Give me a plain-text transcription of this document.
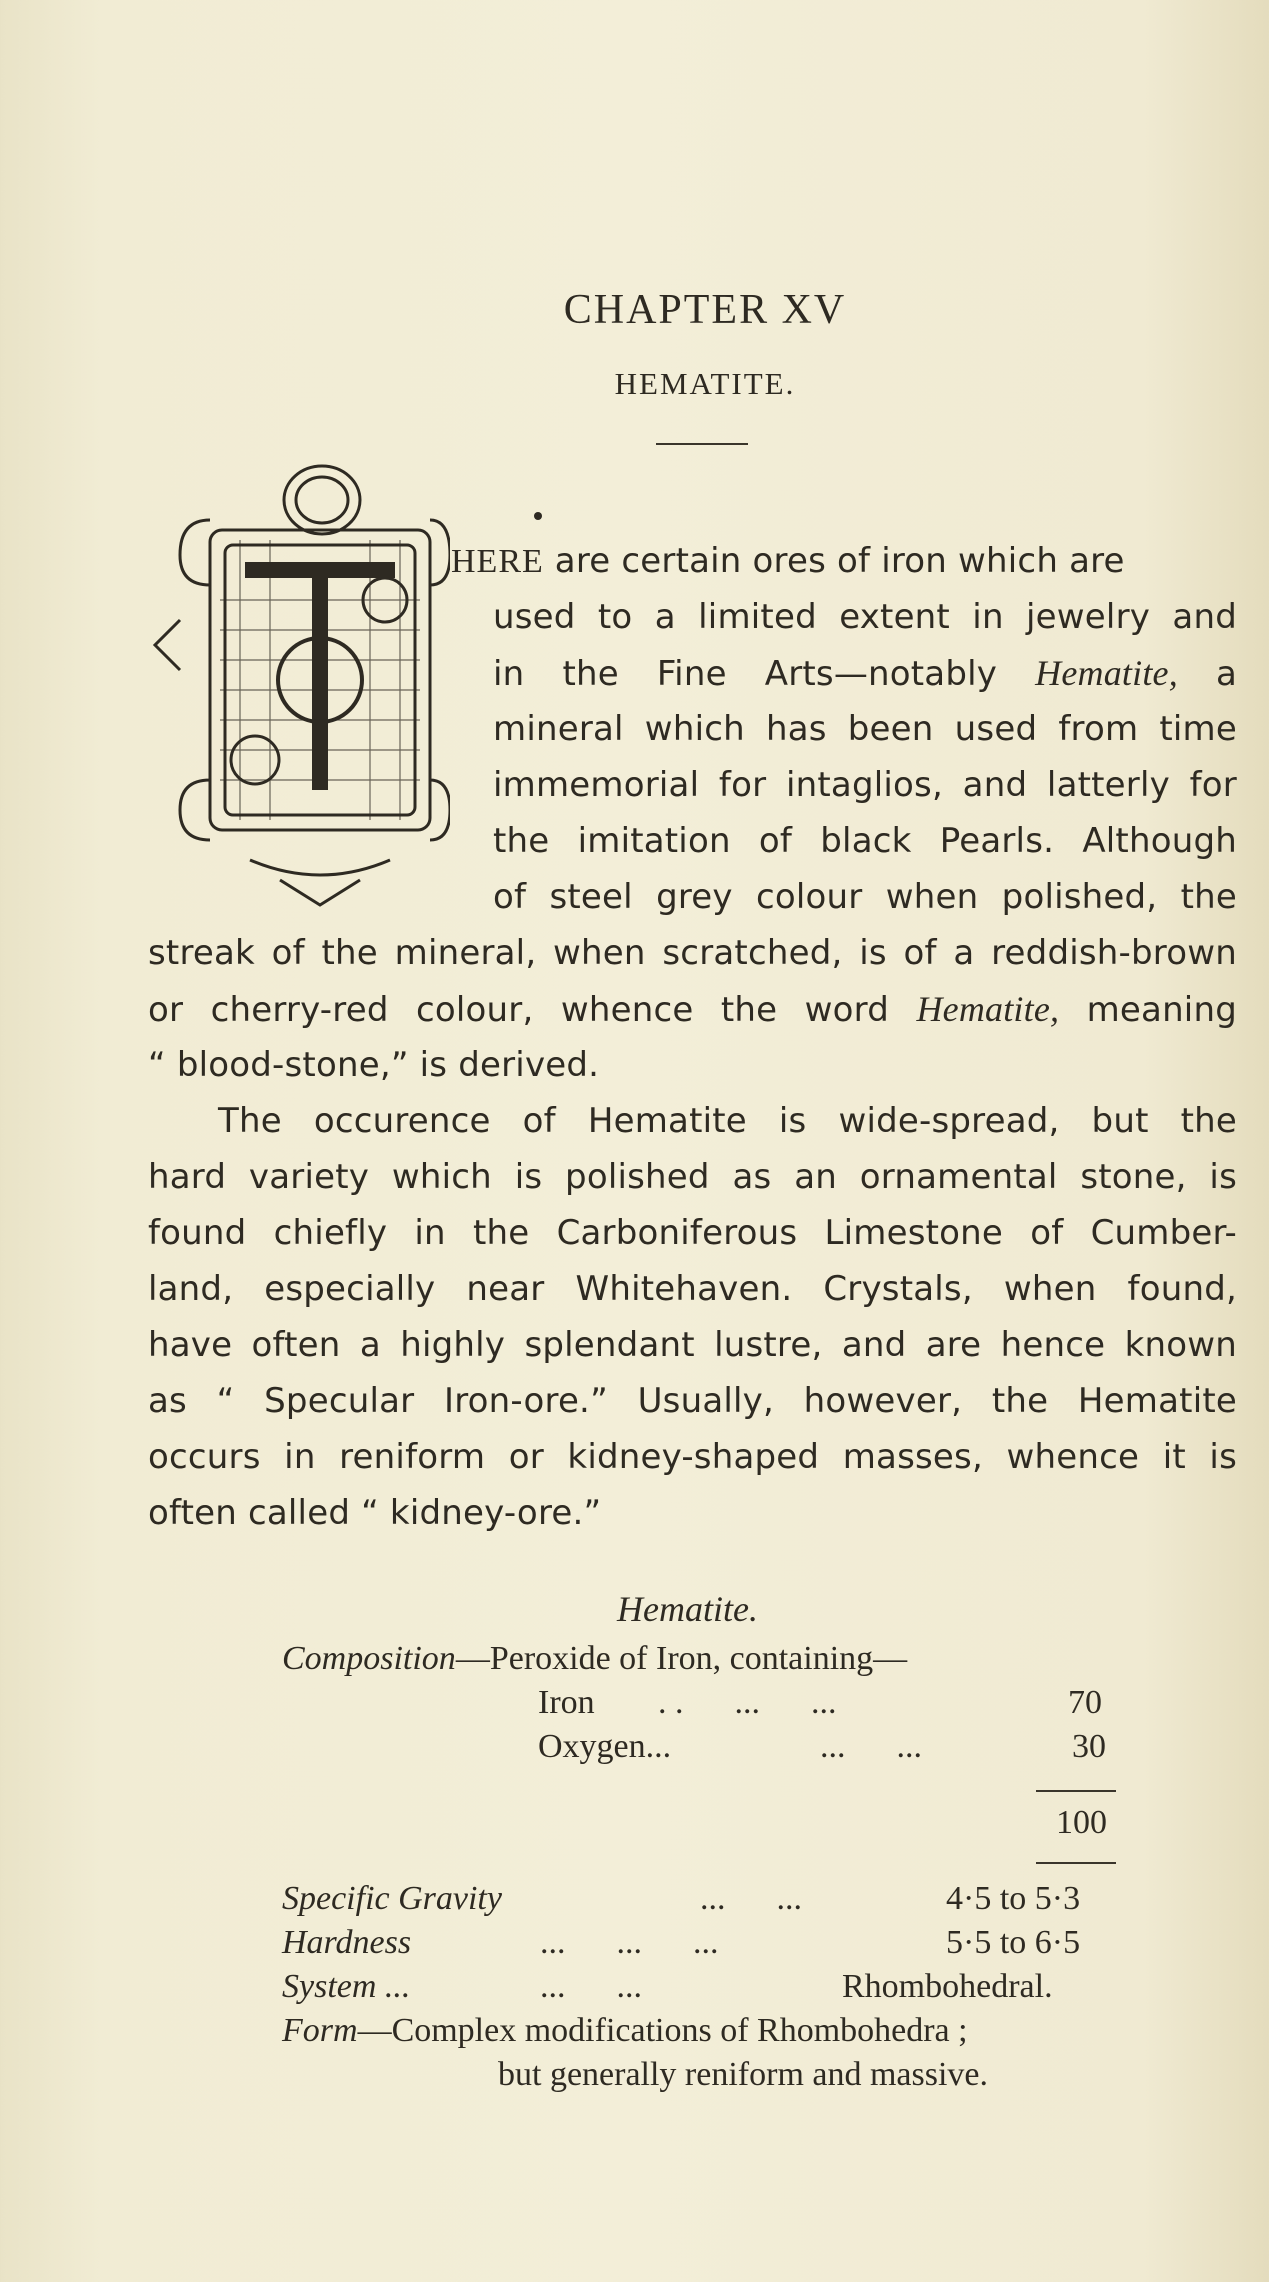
CHAPTER XV
HEMATITE.
HERE are certain ores of iron which are
used to a limited extent in jewelry and
in the Fine Arts—notably Hematite, a
mineral which has been used from time
immemorial for intaglios, and latterly for
the imitation of black Pearls. Although
of steel grey colour when polished, the
streak of the mineral, when scratched, is of a reddish-brown
or cherry-red colour, whence the word Hematite, meaning
“ blood-stone,” is derived.
The occurence of Hematite is wide-spread, but the
hard variety which is polished as an ornamental stone, is
found chiefly in the Carboniferous Limestone of Cumber-
land, especially near Whitehaven. Crystals, when found,
have often a highly splendant lustre, and are hence known
as “ Specular Iron-ore.” Usually, however, the Hematite
occurs in reniform or kidney-shaped masses, whence it is
often called “ kidney-ore.”
Hematite.
Composition—Peroxide of Iron, containing—
Iron . .      ...      ...	70
Oxygen...	...      ...	30
100
Specific Gravity	...      ...	4·5 to 5·3
Hardness	...      ...      ...	5·5 to 6·5
System ...	...      ...	Rhombohedral.
Form—Complex modifications of Rhombohedra ;
but generally reniform and massive.
